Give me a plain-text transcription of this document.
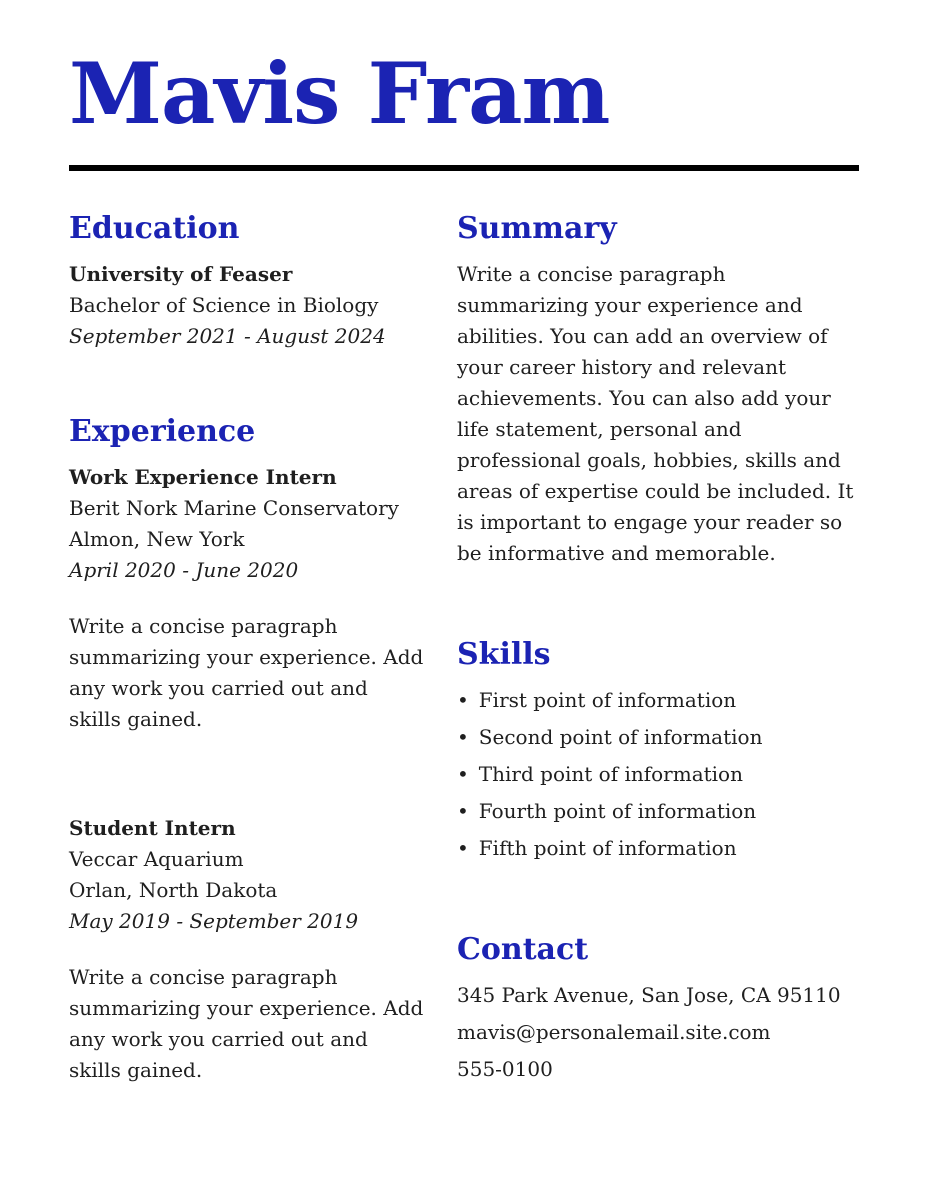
Mavis Fram
Education

University of Feaser

Bachelor of Science in Biology

September 2021 - August 2024

Experience

Work Experience Intern

Berit Nork Marine Conservatory

Almon, New York

April 2020 - June 2020

Write a concise paragraph summarizing your experience. Add any work you carried out and skills gained.

Student Intern

Veccar Aquarium

Orlan, North Dakota

May 2019 - September 2019

Write a concise paragraph summarizing your experience. Add any work you carried out and skills gained.

Summary

Write a concise paragraph summarizing your experience and abilities. You can add an overview of your career history and relevant achievements. You can also add your life statement, personal and professional goals, hobbies, skills and areas of expertise could be included. It is important to engage your reader so be informative and memorable.

Skills
• First point of information
• Second point of information
• Third point of information
• Fourth point of information
• Fifth point of information
Contact

345 Park Avenue, San Jose, CA 95110

mavis@personalemail.site.com

555-0100
